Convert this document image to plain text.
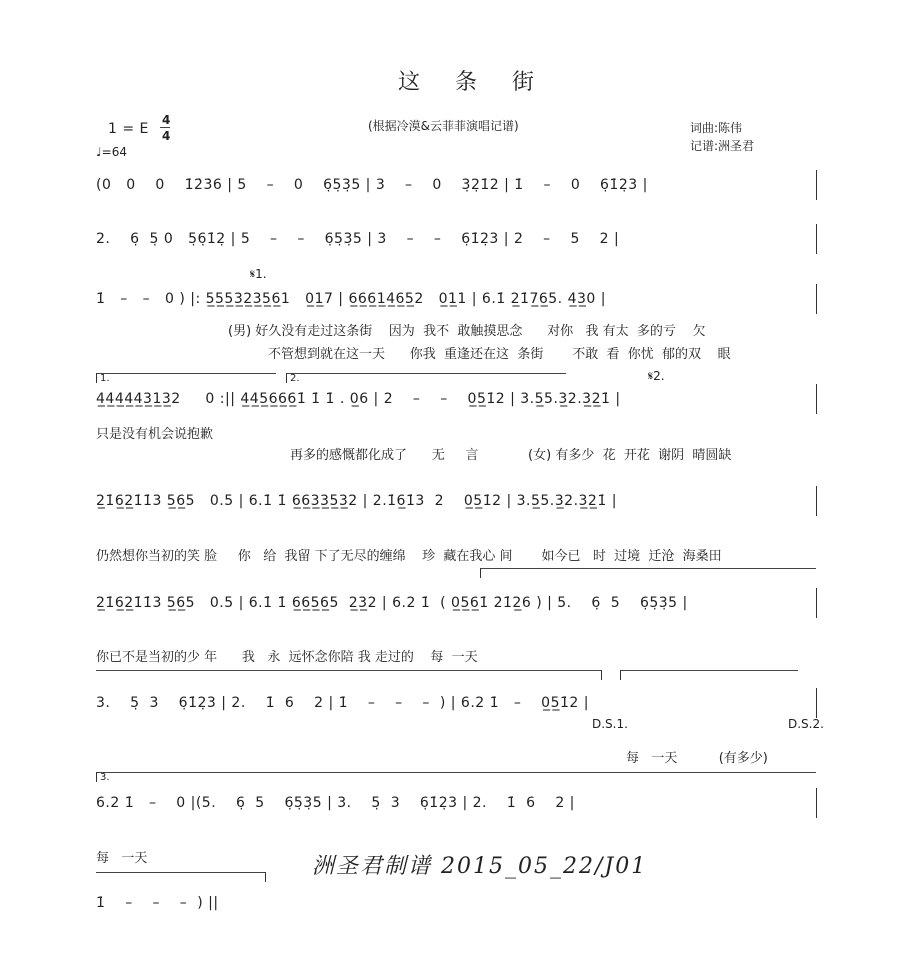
这 条 街
1 = E
4
4
♩=64
(根据冷漠&云菲菲演唱记谱)	词曲:陈伟
记谱:洲圣君
(0   0    0    1̇2̇3̇6 | 5    –    0    6̣5̣3̣5 | 3    –    0    3̣2̣1̇2 | 1̇    –    0    6̣1̇2̣3 |
2.    6̣  5̣ 0   5̣6̣1̇2̣ | 5    –    –    6̣5̣3̣5 | 3    –    –    6̣1̇2̣3 | 2    –    5    2 |
𝄋1.
1̇   –   –   0 ) |: 5̲5̲5̲3̲2̲3̲5̲6̲1   0̲1̲7 | 6̲6̲6̲1̲4̲6̲5̲2   0̲1̲1 | 6.1̇ 2̲1̇7̲6̲5. 4̲3̲0 |
(男) 好久没有走过这条街    因为  我不  敢触摸思念      对你   我 有太  多的亏    欠
不管想到就在这一天      你我  重逢还在这  条街       不敢  看  你忧  郁的双    眼
1.	2.	𝄋2.
4̲4̲4̲4̲4̲3̲1̲3̲2     0 :|| 4̲4̲5̲6̲6̲6̲1̇ 1̇ 1̇ . 0̲6 | 2    –    –    0̲5̲1̇2 | 3.5̲5.3̲2.3̲2̲1̇ |
只是没有机会说抱歉
再多的感慨都化成了      无     言            (女) 有多少  花  开花  谢阴  晴圆缺
2̲1̇6̲2̲1̇1̇3 5̲6̲5   0.5 | 6.1̇ 1̇ 6̲6̲3̲3̲5̲3̲2 | 2.1̇6̲1̇3  2    0̲5̲1̇2 | 3.5̲5.3̲2.3̲2̲1̇ |
仍然想你当初的笑 脸     你   给  我留 下了无尽的缠绵    珍  藏在我心 间       如今已   时  过境  迁沧  海桑田
2̲1̇6̲2̲1̇1̇3 5̲6̲5   0.5 | 6.1̇ 1̇ 6̲6̲5̲6̲5  2̲3̲2 | 6.2 1̇  ( 0̲5̲6̲1̇ 2̇1̇2̲6 ) | 5.    6̣  5    6̣5̣3̣5 |
你已不是当初的少 年      我   永  远怀念你陪 我 走过的    每  一天
3.    5̣  3    6̣1̇2̣3 | 2.    1̇  6    2 | 1̇    –    –    –  ) | 6.2 1̇   –    0̲5̲1̇2 |
D.S.1.	D.S.2.
每   一天          (有多少)
3.
6.2 1̇   –    0 |(5.    6̣  5    6̣5̣3̣5 | 3.    5̣  3    6̣1̇2̣3 | 2.    1̇  6    2 |
每   一天
1̇    –    –    –  ) ||
洲圣君制谱 2015_05_22/J01
